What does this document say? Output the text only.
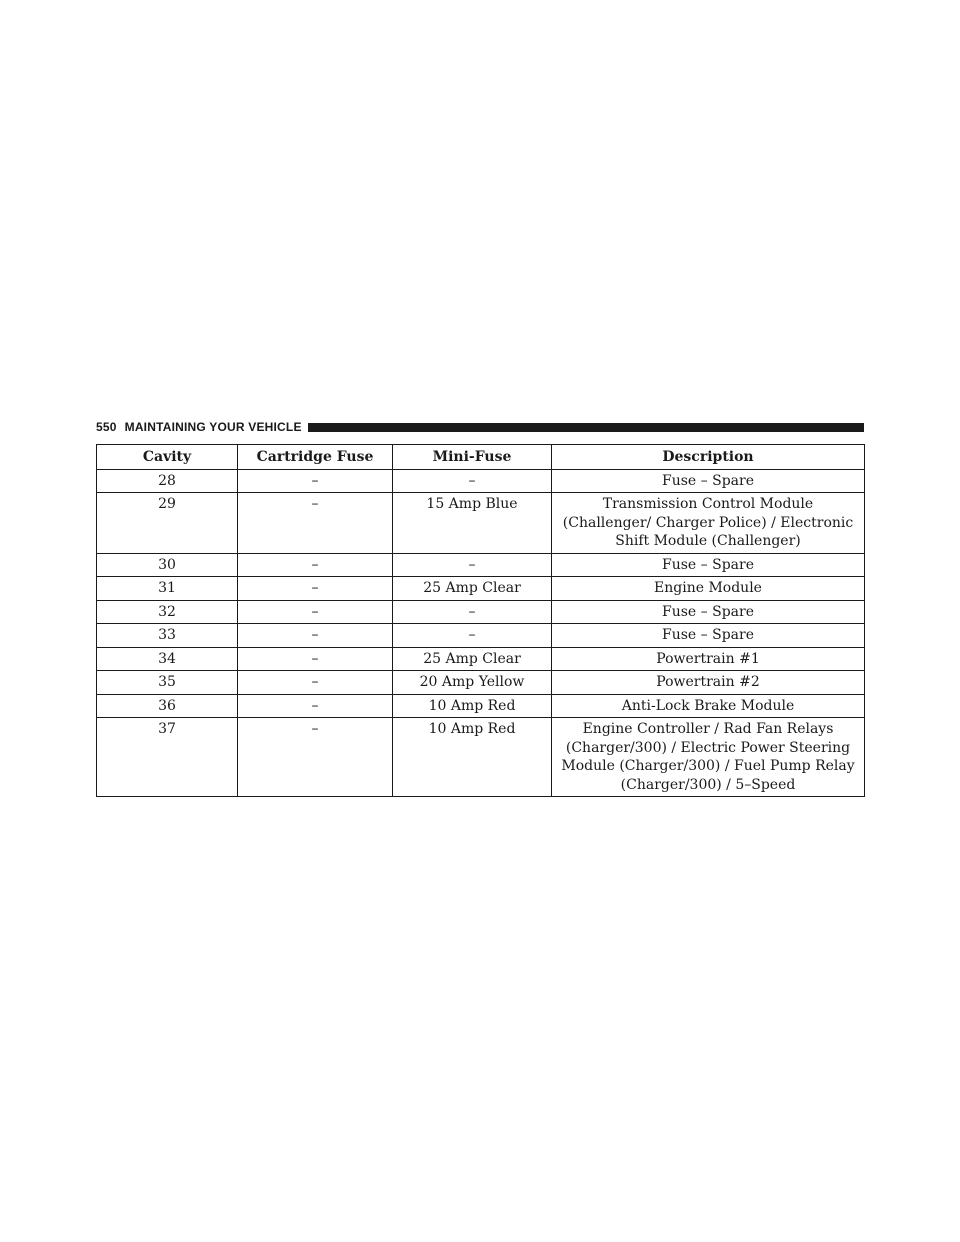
550 MAINTAINING YOUR VEHICLE
Cavity	Cartridge Fuse	Mini-Fuse	Description
28	–	–	Fuse – Spare
29	–	15 Amp Blue	Transmission Control Module (Challenger/ Charger Police) / Electronic Shift Module (Challenger)
30	–	–	Fuse – Spare
31	–	25 Amp Clear	Engine Module
32	–	–	Fuse – Spare
33	–	–	Fuse – Spare
34	–	25 Amp Clear	Powertrain #1
35	–	20 Amp Yellow	Powertrain #2
36	–	10 Amp Red	Anti-Lock Brake Module
37	–	10 Amp Red	Engine Controller / Rad Fan Relays (Charger/300) / Electric Power Steering Module (Charger/300) / Fuel Pump Relay (Charger/300) / 5–Speed
